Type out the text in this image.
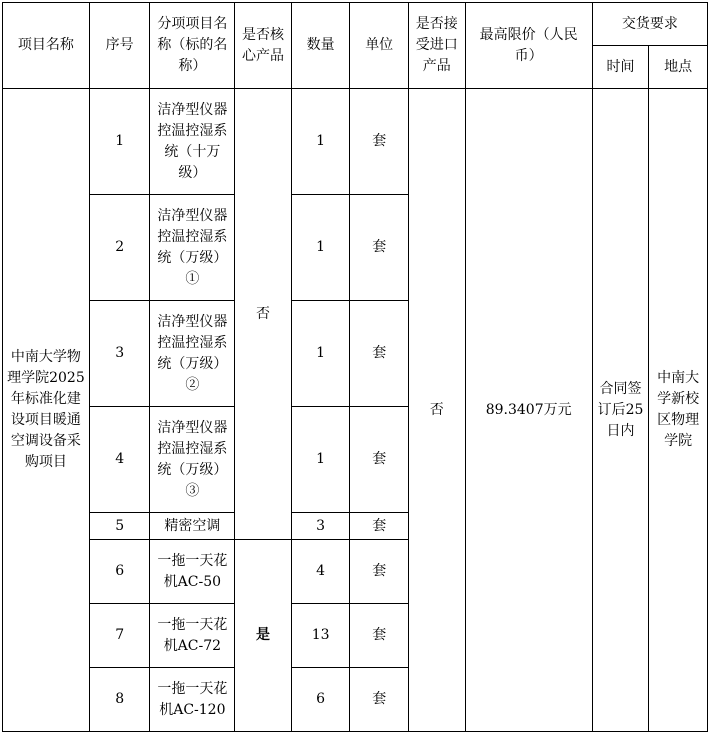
项目名称	序号	分项项目名称（标的名称）	是否核心产品	数量	单位	是否接受进口产品	最高限价（人民币）	交货要求	
								时间	地点
中南大学物理学院2025年标准化建设项目暖通空调设备采购项目	1	洁净型仪器控温控湿系统（十万级）	否	1	套	否	89.3407万元	合同签订后25日内	中南大学新校区物理学院
	2	洁净型仪器控温控湿系统（万级）①		1	套				
	3	洁净型仪器控温控湿系统（万级）②		1	套				
	4	洁净型仪器控温控湿系统（万级）③		1	套				
	5	精密空调		3	套				
	6	一拖一天花机AC-50	是	4	套				
	7	一拖一天花机AC-72		13	套				
	8	一拖一天花机AC-120		6	套				
